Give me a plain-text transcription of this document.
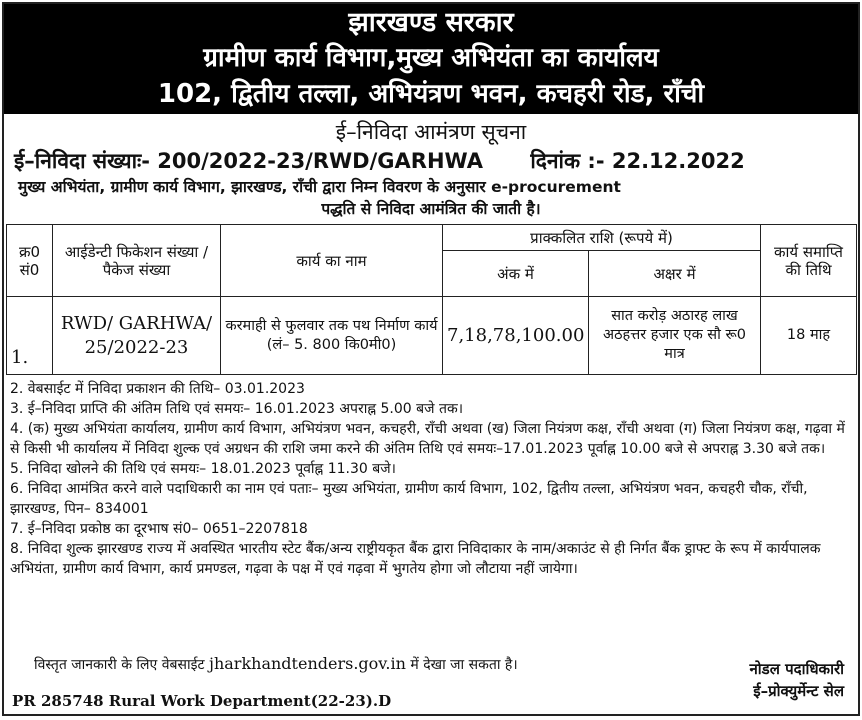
झारखण्ड सरकार
ग्रामीण कार्य विभाग,मुख्य अभियंता का कार्यालय
102, द्वितीय तल्ला, अभियंत्रण भवन, कचहरी रोड, राँची
ई–निविदा आमंत्रण सूचना
ई–निविदा संख्याः- 200/2022-23/RWD/GARHWA दिनांक :- 22.12.2022
मुख्य अभियंता, ग्रामीण कार्य विभाग, झारखण्ड, राँची द्वारा निम्न विवरण के अनुसार e-procurement
पद्धति से निविदा आमंत्रित की जाती है।
क्र0 सं0	आईडेन्टी फिकेशन संख्या / पैकेज संख्या	कार्य का नाम	प्राक्कलित राशि (रूपये में)		कार्य समाप्ति की तिथि
			अंक में	अक्षर में	
1.	RWD/ GARHWA/ 25/2022-23	करमाही से फुलवार तक पथ निर्माण कार्य (लं– 5. 800 कि0मी0)	7,18,78,100.00	सात करोड़ अठारह लाख अठहत्तर हजार एक सौ रू0 मात्र	18 माह

2. वेबसाईट में निविदा प्रकाशन की तिथि– 03.01.2023

3. ई–निविदा प्राप्ति की अंतिम तिथि एवं समयः– 16.01.2023 अपराह्न 5.00 बजे तक।

4. (क) मुख्य अभियंता कार्यालय, ग्रामीण कार्य विभाग, अभियंत्रण भवन, कचहरी, राँची अथवा (ख) जिला नियंत्रण कक्ष, राँची अथवा (ग) जिला नियंत्रण कक्ष, गढ़वा में से किसी भी कार्यालय में निविदा शुल्क एवं अग्रधन की राशि जमा करने की अंतिम तिथि एवं समयः–17.01.2023 पूर्वाह्न 10.00 बजे से अपराह्न 3.30 बजे तक।

5. निविदा खोलने की तिथि एवं समयः– 18.01.2023 पूर्वाह्न 11.30 बजे।

6. निविदा आमंत्रित करने वाले पदाधिकारी का नाम एवं पताः– मुख्य अभियंता, ग्रामीण कार्य विभाग, 102, द्वितीय तल्ला, अभियंत्रण भवन, कचहरी चौक, राँची, झारखण्ड, पिन– 834001

7. ई–निविदा प्रकोष्ठ का दूरभाष सं0– 0651–2207818

8. निविदा शुल्क झारखण्ड राज्य में अवस्थित भारतीय स्टेट बैंक/अन्य राष्ट्रीयकृत बैंक द्वारा निविदाकार के नाम/अकाउंट से ही निर्गत बैंक ड्राफ्ट के रूप में कार्यपालक अभियंता, ग्रामीण कार्य विभाग, कार्य प्रमण्डल, गढ़वा के पक्ष में एवं गढ़वा में भुगतेय होगा जो लौटाया नहीं जायेगा।

विस्तृत जानकारी के लिए वेबसाईट jharkhandtenders.gov.in में देखा जा सकता है।
PR 285748 Rural Work Department(22-23).D
नोडल पदाधिकारी
ई–प्रोक्युर्मेन्ट सेल
